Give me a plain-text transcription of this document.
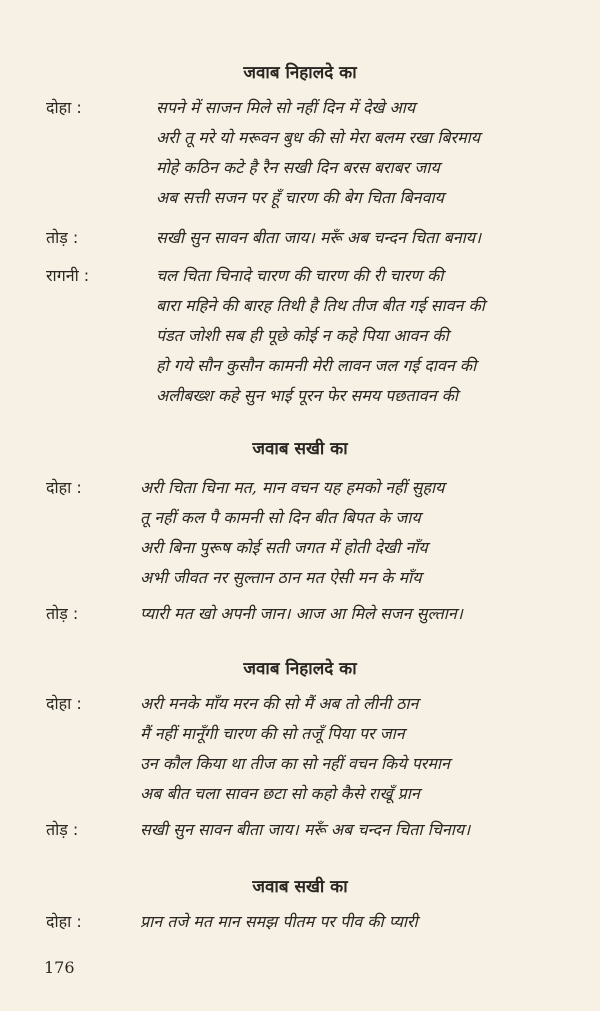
जवाब निहालदे का
दोहा :	सपने में साजन मिले सो नहीं दिन में देखे आय
अरी तू मरे यो मरूवन बुध की सो मेरा बलम रखा बिरमाय
मोहे कठिन कटे है रैन सखी दिन बरस बराबर जाय
अब सत्ती सजन पर हूँ चारण की बेग चिता बिनवाय
तोड़ :	सखी सुन सावन बीता जाय। मरूँ अब चन्दन चिता बनाय।
रागनी :	चल चिता चिनादे चारण की चारण की री चारण की
बारा महिने की बारह तिथी है तिथ तीज बीत गई सावन की
पंडत जोशी सब ही पूछे कोई न कहे पिया आवन की
हो गये सौन कुसौन कामनी मेरी लावन जल गई दावन की
अलीबख्श कहे सुन भाई पूरन फेर समय पछतावन की
जवाब सखी का
दोहा :	अरी चिता चिना मत, मान वचन यह हमको नहीं सुहाय
तू नहीं कल पै कामनी सो दिन बीत बिपत के जाय
अरी बिना पुरूष कोई सती जगत में होती देखी नाँय
अभी जीवत नर सुल्तान ठान मत ऐसी मन के माँय
तोड़ :	प्यारी मत खो अपनी जान। आज आ मिले सजन सुल्तान।
जवाब निहालदे का
दोहा :	अरी मनके माँय मरन की सो मैं अब तो लीनी ठान
मैं नहीं मानूँगी चारण की सो तजूँ पिया पर जान
उन कौल किया था तीज का सो नहीं वचन किये परमान
अब बीत चला सावन छटा सो कहो कैसे राखूँ प्रान
तोड़ :	सखी सुन सावन बीता जाय। मरूँ अब चन्दन चिता चिनाय।
जवाब सखी का
दोहा :	प्रान तजे मत मान समझ पीतम पर पीव की प्यारी
176
